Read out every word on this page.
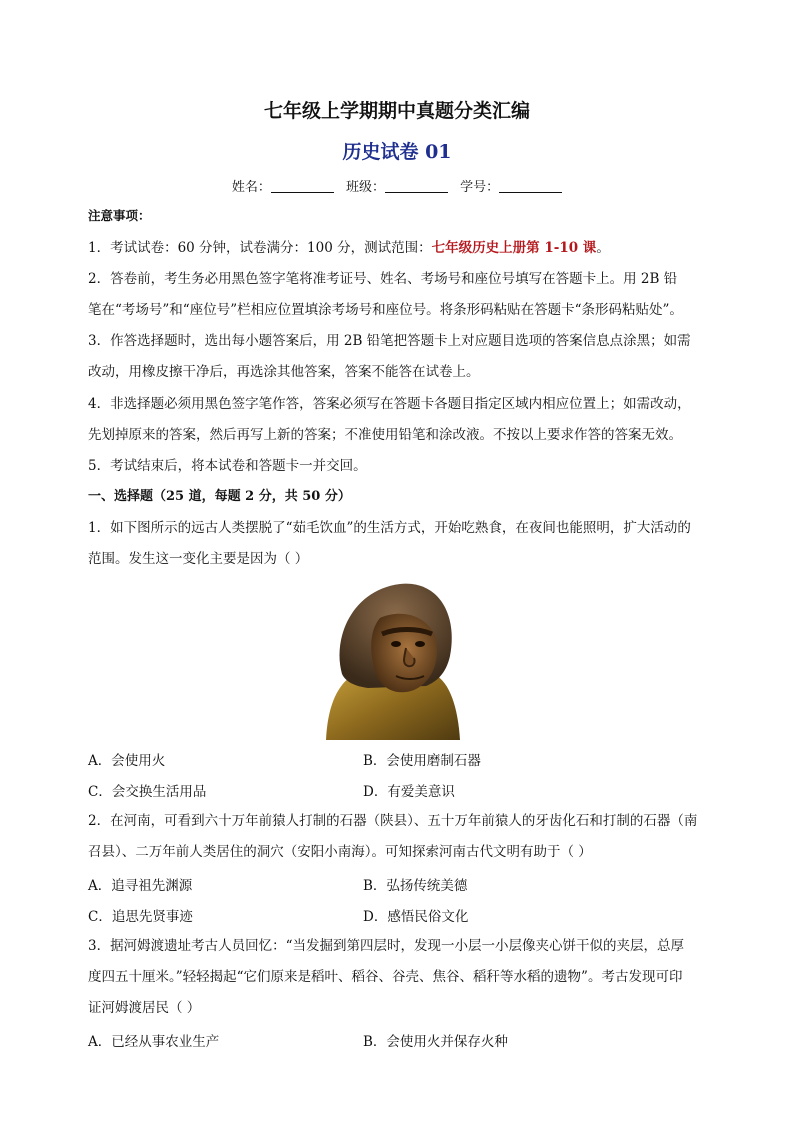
七年级上学期期中真题分类汇编
历史试卷 01
姓名：	班级：	学号：
注意事项：
1．考试试卷：60 分钟，试卷满分：100 分，测试范围：七年级历史上册第 1-10 课。
2．答卷前，考生务必用黑色签字笔将准考证号、姓名、考场号和座位号填写在答题卡上。用 2B 铅
笔在“考场号”和“座位号”栏相应位置填涂考场号和座位号。将条形码粘贴在答题卡“条形码粘贴处”。
3．作答选择题时，选出每小题答案后，用 2B 铅笔把答题卡上对应题目选项的答案信息点涂黑；如需
改动，用橡皮擦干净后，再选涂其他答案，答案不能答在试卷上。
4．非选择题必须用黑色签字笔作答，答案必须写在答题卡各题目指定区域内相应位置上；如需改动，
先划掉原来的答案，然后再写上新的答案；不准使用铅笔和涂改液。不按以上要求作答的答案无效。
5．考试结束后，将本试卷和答题卡一并交回。
一、选择题（25 道，每题 2 分，共 50 分）
1．如下图所示的远古人类摆脱了“茹毛饮血”的生活方式，开始吃熟食，在夜间也能照明，扩大活动的
范围。发生这一变化主要是因为（ ）
A．会使用火	B．会使用磨制石器
C．会交换生活用品	D．有爱美意识
2．在河南，可看到六十万年前猿人打制的石器（陕县）、五十万年前猿人的牙齿化石和打制的石器（南
召县）、二万年前人类居住的洞穴（安阳小南海）。可知探索河南古代文明有助于（ ）
A．追寻祖先渊源	B．弘扬传统美德
C．追思先贤事迹	D．感悟民俗文化
3．据河姆渡遗址考古人员回忆：“当发掘到第四层时，发现一小层一小层像夹心饼干似的夹层，总厚
度四五十厘米。”轻轻揭起“它们原来是稻叶、稻谷、谷壳、焦谷、稻秆等水稻的遗物”。考古发现可印
证河姆渡居民（ ）
A．已经从事农业生产	B．会使用火并保存火种
